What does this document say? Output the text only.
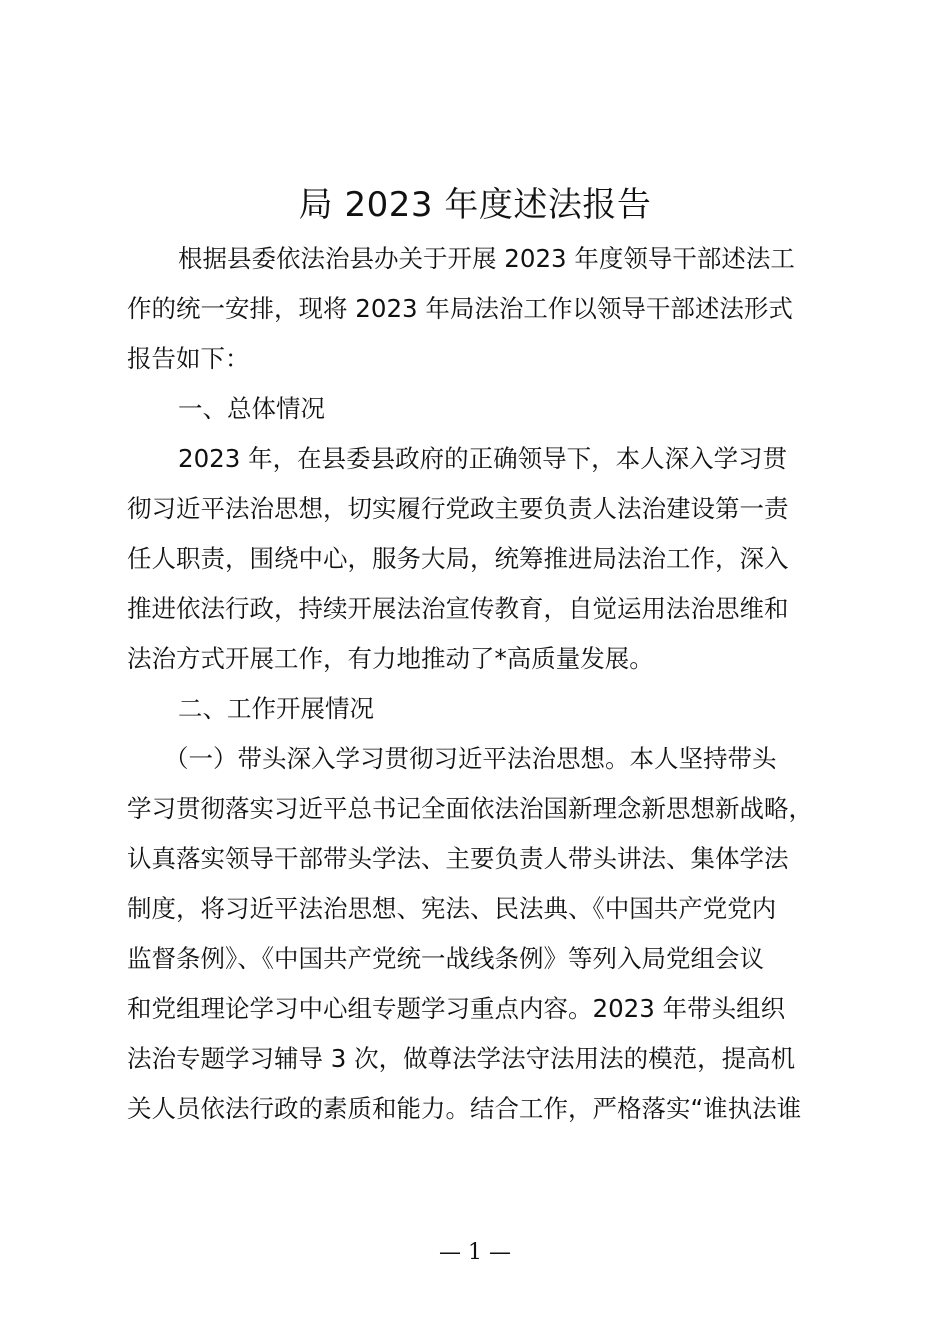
局 2023 年度述法报告
根据县委依法治县办关于开展 2023 年度领导干部述法工
作的统一安排，现将 2023 年局法治工作以领导干部述法形式
报告如下：
一、总体情况
2023 年，在县委县政府的正确领导下，本人深入学习贯
彻习近平法治思想，切实履行党政主要负责人法治建设第一责
任人职责，围绕中心，服务大局，统筹推进局法治工作，深入
推进依法行政，持续开展法治宣传教育，自觉运用法治思维和
法治方式开展工作，有力地推动了*高质量发展。
二、工作开展情况
（一）带头深入学习贯彻习近平法治思想。本人坚持带头
学习贯彻落实习近平总书记全面依法治国新理念新思想新战略，
认真落实领导干部带头学法、主要负责人带头讲法、集体学法
制度，将习近平法治思想、宪法、民法典、《中国共产党党内
监督条例》、《中国共产党统一战线条例》等列入局党组会议
和党组理论学习中心组专题学习重点内容。2023 年带头组织
法治专题学习辅导 3 次，做尊法学法守法用法的模范，提高机
关人员依法行政的素质和能力。结合工作，严格落实“谁执法谁
— 1 —
